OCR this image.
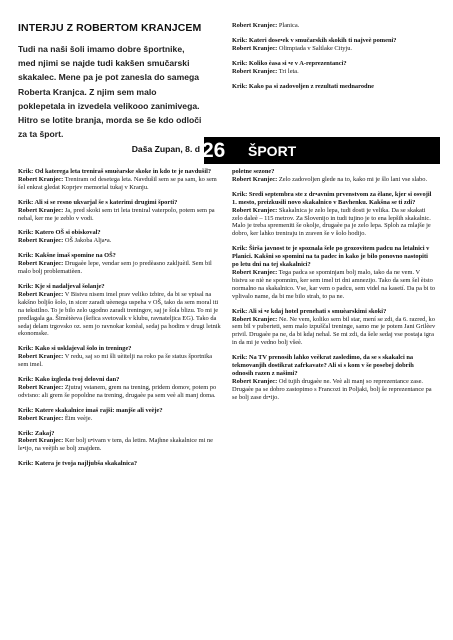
INTERJU Z ROBERTOM KRANJCEM
Tudi na naši šoli imamo dobre športnike, med njimi se najde tudi kakšen smučarski skakalec. Mene pa je pot zanesla do samega Roberta Kranjca. Z njim sem malo poklepetala in izvedela velikooo zanimivega. Hitro se lotite branja, morda se še kdo odloči za ta šport.
Daša Zupan, 8. d
Robert Kranjec: Planica.
Krik: Kateri dose•ek v smučarskih skokih ti najveè pomeni?
Robert Kranjec: Olimpiada v Saltlake Cityju.
Krik: Koliko èasa si •e v A-reprezentanci?
Robert Kranjec: Tri leta.
Krik: Kako pa si zadovoljen z rezultati mednarodne
26 ŠPORT
Krik: Od katerega leta treniraš smuèarske skoke in kdo te je navdušil?
Robert Kranjec: Treniram od desetega leta. Navdušil sem se pa sam, ko sem šel enkrat gledat Koprjev memorial tukaj v Kranju.
Krik: Ali si se resno ukvarjal še s katerimi drugimi športi?
Robert Kranjec: Ja, pred skoki sem tri leta treniral vaterpolo, potem sem pa nehal, ker me je zeblo v vodi.
Krik: Katero OŠ si obiskoval?
Robert Kranjec: OŠ Jakoba Alja•a.
Krik: Kakšne imaš spomine na OŠ?
Robert Kranjec: Drugaèe lepe, vendar sem jo predèasno zakljuèil. Sem bil malo bolj problematièen.
Krik: Kje si nadaljeval šolanje?
Robert Kranjec: V Bistvu nisem imel prav veliko izbire, da bi se vpisal na kakšno boljšo šolo, in sicer zaradi uèenega uspeha v OŠ, tako da sem moral iti na tekstilno. To je bilo zelo ugodno zaradi treningov, saj je šola blizu. To mi je predlagala ga. Šimèièeva (šefica svetovalk v klubu, ravnateljica EG). Tako da sedaj delam trgovsko oz. sem jo ravnokar konèal, sedaj pa hodim v drugi letnik ekonomske.
Krik: Kako si usklajeval šolo in treninge?
Robert Kranjec: V redu, saj so mi šli uèitelji na roko pa še status športnika sem imel.
Krik: Kako izgleda tvoj delovni dan?
Robert Kranjec: Zjutraj vstanem, grem na trening, pridem domov, potem po odvisno: ali grem še popoldne na trening, drugaèe pa sem veè ali manj doma.
Krik: Katere skakalnice imaš rajši: manjše ali veèje?
Robert Kranjec: Èim veèje.
Krik: Zakaj?
Robert Kranjec: Ker bolj u•ivam v tem, da letim. Majhne skakalnice mi ne le•ijo, na veèjih se bolj znajdem.
Krik: Katera je tvoja najljubša skakalnica?
poletne sezone?
Robert Kranjec: Zelo zadovoljen glede na to, kako mi je šlo lani vse slabo.
Krik: Sredi septembra ste z dr•avnim prvenstvom za èlane, kjer si osvojil 1. mesto, preizkusili novo skakalnico v Bavhenku. Kakšna se ti zdi?
Robert Kranjec: Skakalnica je zelo lepa, tudi dosti je velika. Da se skakati zelo daleè – 115 metrov. Za Slovenijo in tudi tujino je to ena lepših skakalnic. Malo je treba spremeniti še okolje, drugaèe pa je zelo lepa. Sploh za mlajše je dobro, ker lahko treniraju in zraven še v šolo hodijo.
Krik: Širša javnost te je spoznala šele po grozovitem padcu na letalnici v Planici. Kakšni so spomini na ta padec in kako je bilo ponovno nastopiti po letu dni na tej skakalnici?
Robert Kranjec: Tega padca se spominjam bolj malo, tako da ne vem. V bistvu se niè ne spomnim, ker sem imel tri dni amnezijo. Tako da sem šel èisto normalno na skakalnico. Vse, kar vem o padcu, sem videl na kasetí. Da pa bi to vplivalo name, da bi me bilo strah, to pa ne.
Krik: Ali si •e kdaj hotel prenehati s smuèarskimi skoki?
Robert Kranjec: Ne. Ne vem, koliko sem bil star, mení se zdi, da 6. razred, ko sem bil v puberteti, sem malo izpuščal treninge, samo me je potem Jani Grilèev privil. Drugaèe pa ne, da bi kdaj nehal. Se mi zdi, da šele sedaj vse postaja igra in da mi je vedno bolj všeè.
Krik: Na TV prenosih lahko veèkrat zasledimo, da se s skakalci na tekmovanjih dostikrat zafrkavate? Ali si s kom v še posebej dobrih odnosih razen z našimi?
Robert Kranjec: Od tujih drugaèe ne. Veè ali manj so reprezentance zase. Drugaèe pa se dobro zastopimo s Francozi in Poljaki, bolj še reprezentance pa se bolj zase dr•ijo.
